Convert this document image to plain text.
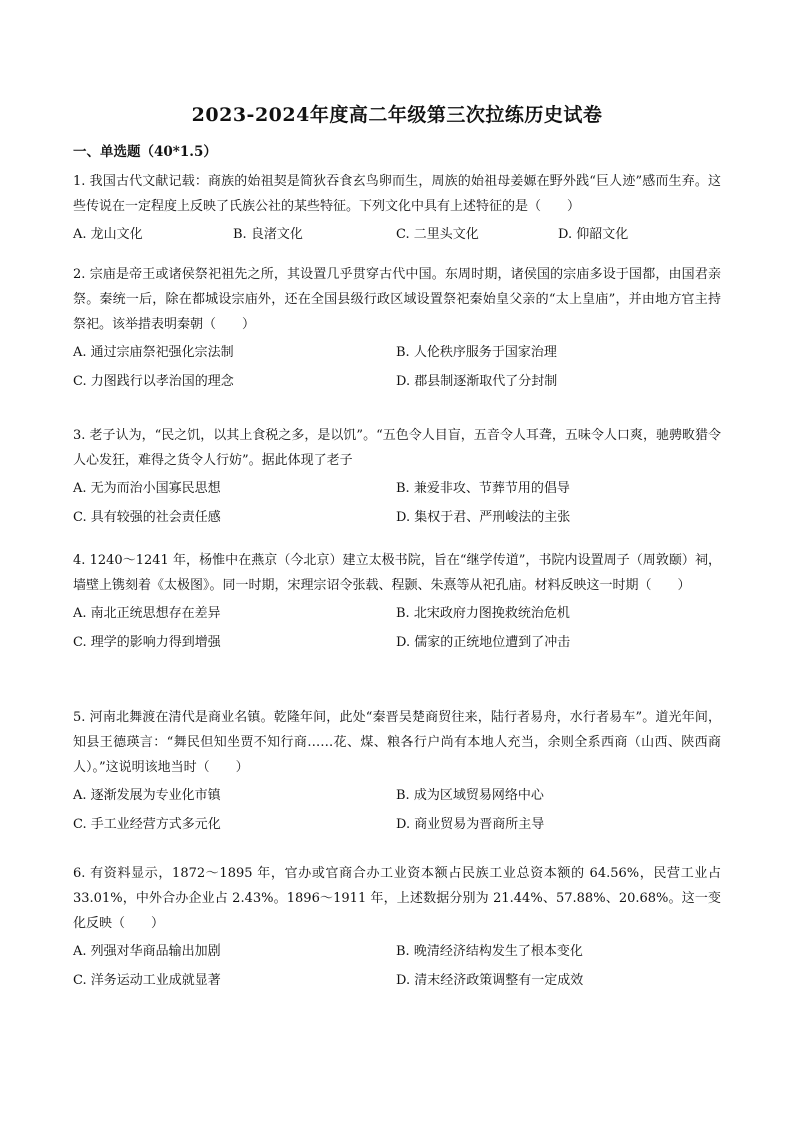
2023-2024年度高二年级第三次拉练历史试卷
一、单选题（40*1.5）
1. 我国古代文献记载：商族的始祖契是简狄吞食玄鸟卵而生，周族的始祖母姜嫄在野外践“巨人迹”感而生弃。这些传说在一定程度上反映了氏族公社的某些特征。下列文化中具有上述特征的是（　　）
A. 龙山文化	B. 良渚文化	C. 二里头文化	D. 仰韶文化
2. 宗庙是帝王或诸侯祭祀祖先之所，其设置几乎贯穿古代中国。东周时期，诸侯国的宗庙多设于国都，由国君亲祭。秦统一后，除在都城设宗庙外，还在全国县级行政区域设置祭祀秦始皇父亲的“太上皇庙”，并由地方官主持祭祀。该举措表明秦朝（　　）
A. 通过宗庙祭祀强化宗法制	B. 人伦秩序服务于国家治理
C. 力图践行以孝治国的理念	D. 郡县制逐渐取代了分封制
3. 老子认为，“民之饥，以其上食税之多，是以饥”。“五色令人目盲，五音令人耳聋，五味令人口爽，驰骋畋猎令人心发狂，难得之货令人行妨”。据此体现了老子
A. 无为而治小国寡民思想	B. 兼爱非攻、节葬节用的倡导
C. 具有较强的社会责任感	D. 集权于君、严刑峻法的主张
4. 1240～1241 年，杨惟中在燕京（今北京）建立太极书院，旨在“继学传道”，书院内设置周子（周敦颐）祠，墙壁上镌刻着《太极图》。同一时期，宋理宗诏令张载、程颢、朱熹等从祀孔庙。材料反映这一时期（　　）
A. 南北正统思想存在差异	B. 北宋政府力图挽救统治危机
C. 理学的影响力得到增强	D. 儒家的正统地位遭到了冲击
5. 河南北舞渡在清代是商业名镇。乾隆年间，此处“秦晋吴楚商贸往来，陆行者易舟，水行者易车”。道光年间，知县王德瑛言：“舞民但知坐贾不知行商……花、煤、粮各行户尚有本地人充当，余则全系西商（山西、陕西商人）。”这说明该地当时（　　）
A. 逐渐发展为专业化市镇	B. 成为区域贸易网络中心
C. 手工业经营方式多元化	D. 商业贸易为晋商所主导
6. 有资料显示，1872～1895 年，官办或官商合办工业资本额占民族工业总资本额的 64.56%，民营工业占33.01%，中外合办企业占 2.43%。1896～1911 年，上述数据分别为 21.44%、57.88%、20.68%。这一变化反映（　　）
A. 列强对华商品输出加剧	B. 晚清经济结构发生了根本变化
C. 洋务运动工业成就显著	D. 清末经济政策调整有一定成效
